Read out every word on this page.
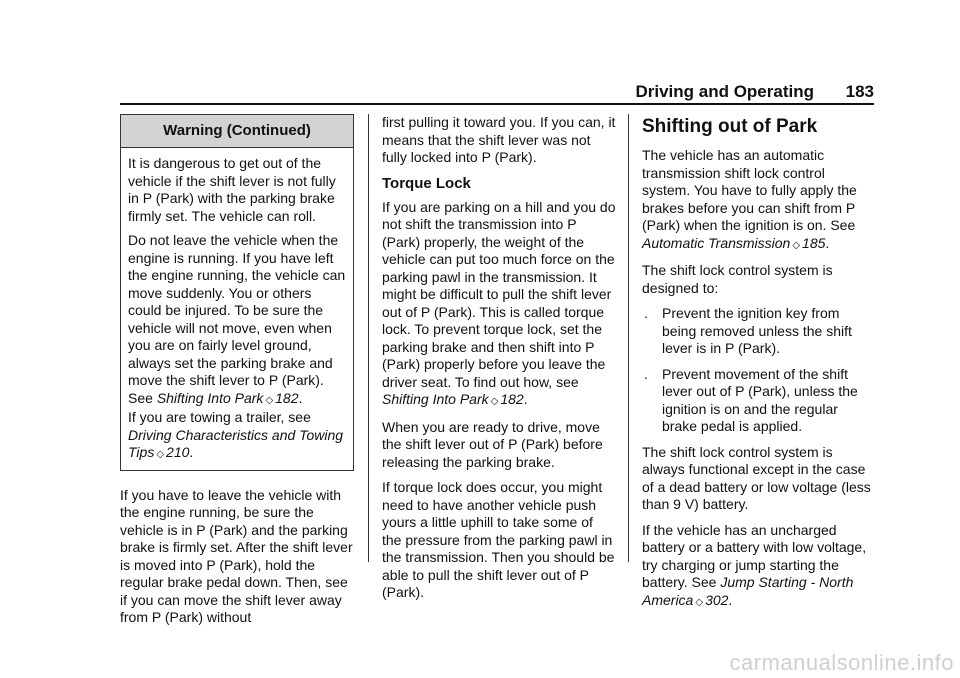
Driving and Operating 183
Warning (Continued)

It is dangerous to get out of the vehicle if the shift lever is not fully in P (Park) with the parking brake firmly set. The vehicle can roll.

Do not leave the vehicle when the engine is running. If you have left the engine running, the vehicle can move suddenly. You or others could be injured. To be sure the vehicle will not move, even when you are on fairly level ground, always set the parking brake and move the shift lever to P (Park). See Shifting Into Park ◇ 182.
If you are towing a trailer, see Driving Characteristics and Towing Tips ◇ 210.

If you have to leave the vehicle with the engine running, be sure the vehicle is in P (Park) and the parking brake is firmly set. After the shift lever is moved into P (Park), hold the regular brake pedal down. Then, see if you can move the shift lever away from P (Park) without

first pulling it toward you. If you can, it means that the shift lever was not fully locked into P (Park).

Torque Lock

If you are parking on a hill and you do not shift the transmission into P (Park) properly, the weight of the vehicle can put too much force on the parking pawl in the transmission. It might be difficult to pull the shift lever out of P (Park). This is called torque lock. To prevent torque lock, set the parking brake and then shift into P (Park) properly before you leave the driver seat. To find out how, see Shifting Into Park ◇ 182.

When you are ready to drive, move the shift lever out of P (Park) before releasing the parking brake.

If torque lock does occur, you might need to have another vehicle push yours a little uphill to take some of the pressure from the parking pawl in the transmission. Then you should be able to pull the shift lever out of P (Park).

Shifting out of Park

The vehicle has an automatic transmission shift lock control system. You have to fully apply the brakes before you can shift from P (Park) when the ignition is on. See Automatic Transmission ◇ 185.

The shift lock control system is designed to:

. Prevent the ignition key from being removed unless the shift lever is in P (Park).
. Prevent movement of the shift lever out of P (Park), unless the ignition is on and the regular brake pedal is applied.

The shift lock control system is always functional except in the case of a dead battery or low voltage (less than 9 V) battery.

If the vehicle has an uncharged battery or a battery with low voltage, try charging or jump starting the battery. See Jump Starting - North America ◇ 302.

carmanualsonline.info
